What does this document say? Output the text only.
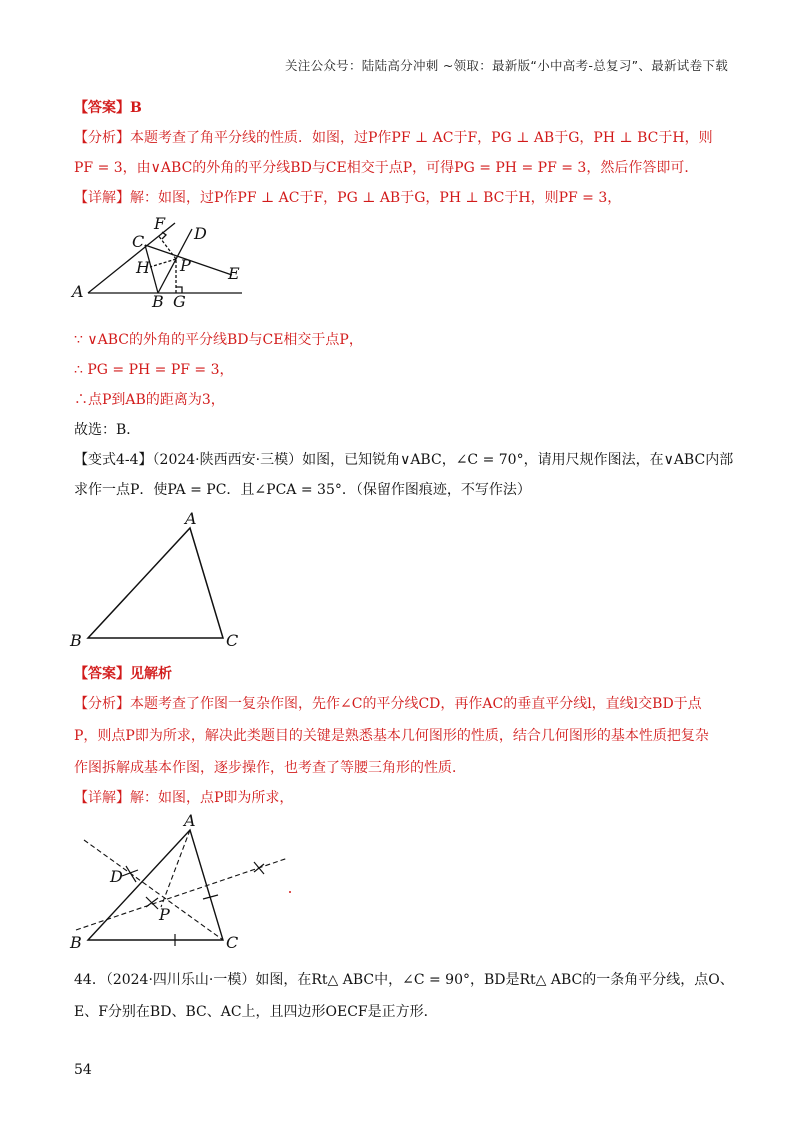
关注公众号：陆陆高分冲刺 ~领取：最新版“小中高考-总复习”、最新试卷下载
【答案】B
【分析】本题考查了角平分线的性质．如图，过P作PF ⊥ AC于F，PG ⊥ AB于G，PH ⊥ BC于H，则
PF = 3，由∨ABC的外角的平分线BD与CE相交于点P，可得PG = PH = PF = 3，然后作答即可．
【详解】解：如图，过P作PF ⊥ AC于F，PG ⊥ AB于G，PH ⊥ BC于H，则PF = 3，
F
D
C
H P E
A
B G
∵ ∨ABC的外角的平分线BD与CE相交于点P，
∴ PG = PH = PF = 3，
∴点P到AB的距离为3，
故选：B．
【变式4-4】（2024·陕西西安·三模）如图，已知锐角∨ABC，∠C = 70°，请用尺规作图法，在∨ABC内部
求作一点P．使PA = PC．且∠PCA = 35°．（保留作图痕迹，不写作法）
A
B	C
【答案】见解析
【分析】本题考查了作图一复杂作图，先作∠C的平分线CD，再作AC的垂直平分线l，直线l交BD于点
P，则点P即为所求，解决此类题目的关键是熟悉基本几何图形的性质，结合几何图形的基本性质把复杂
作图拆解成基本作图，逐步操作，也考查了等腰三角形的性质．
【详解】解：如图，点P即为所求，
A
D
P
B	C
44．（2024·四川乐山·一模）如图，在Rt△ ABC中，∠C = 90°，BD是Rt△ ABC的一条角平分线，点O、
E、F分别在BD、BC、AC上，且四边形OECF是正方形．
54
